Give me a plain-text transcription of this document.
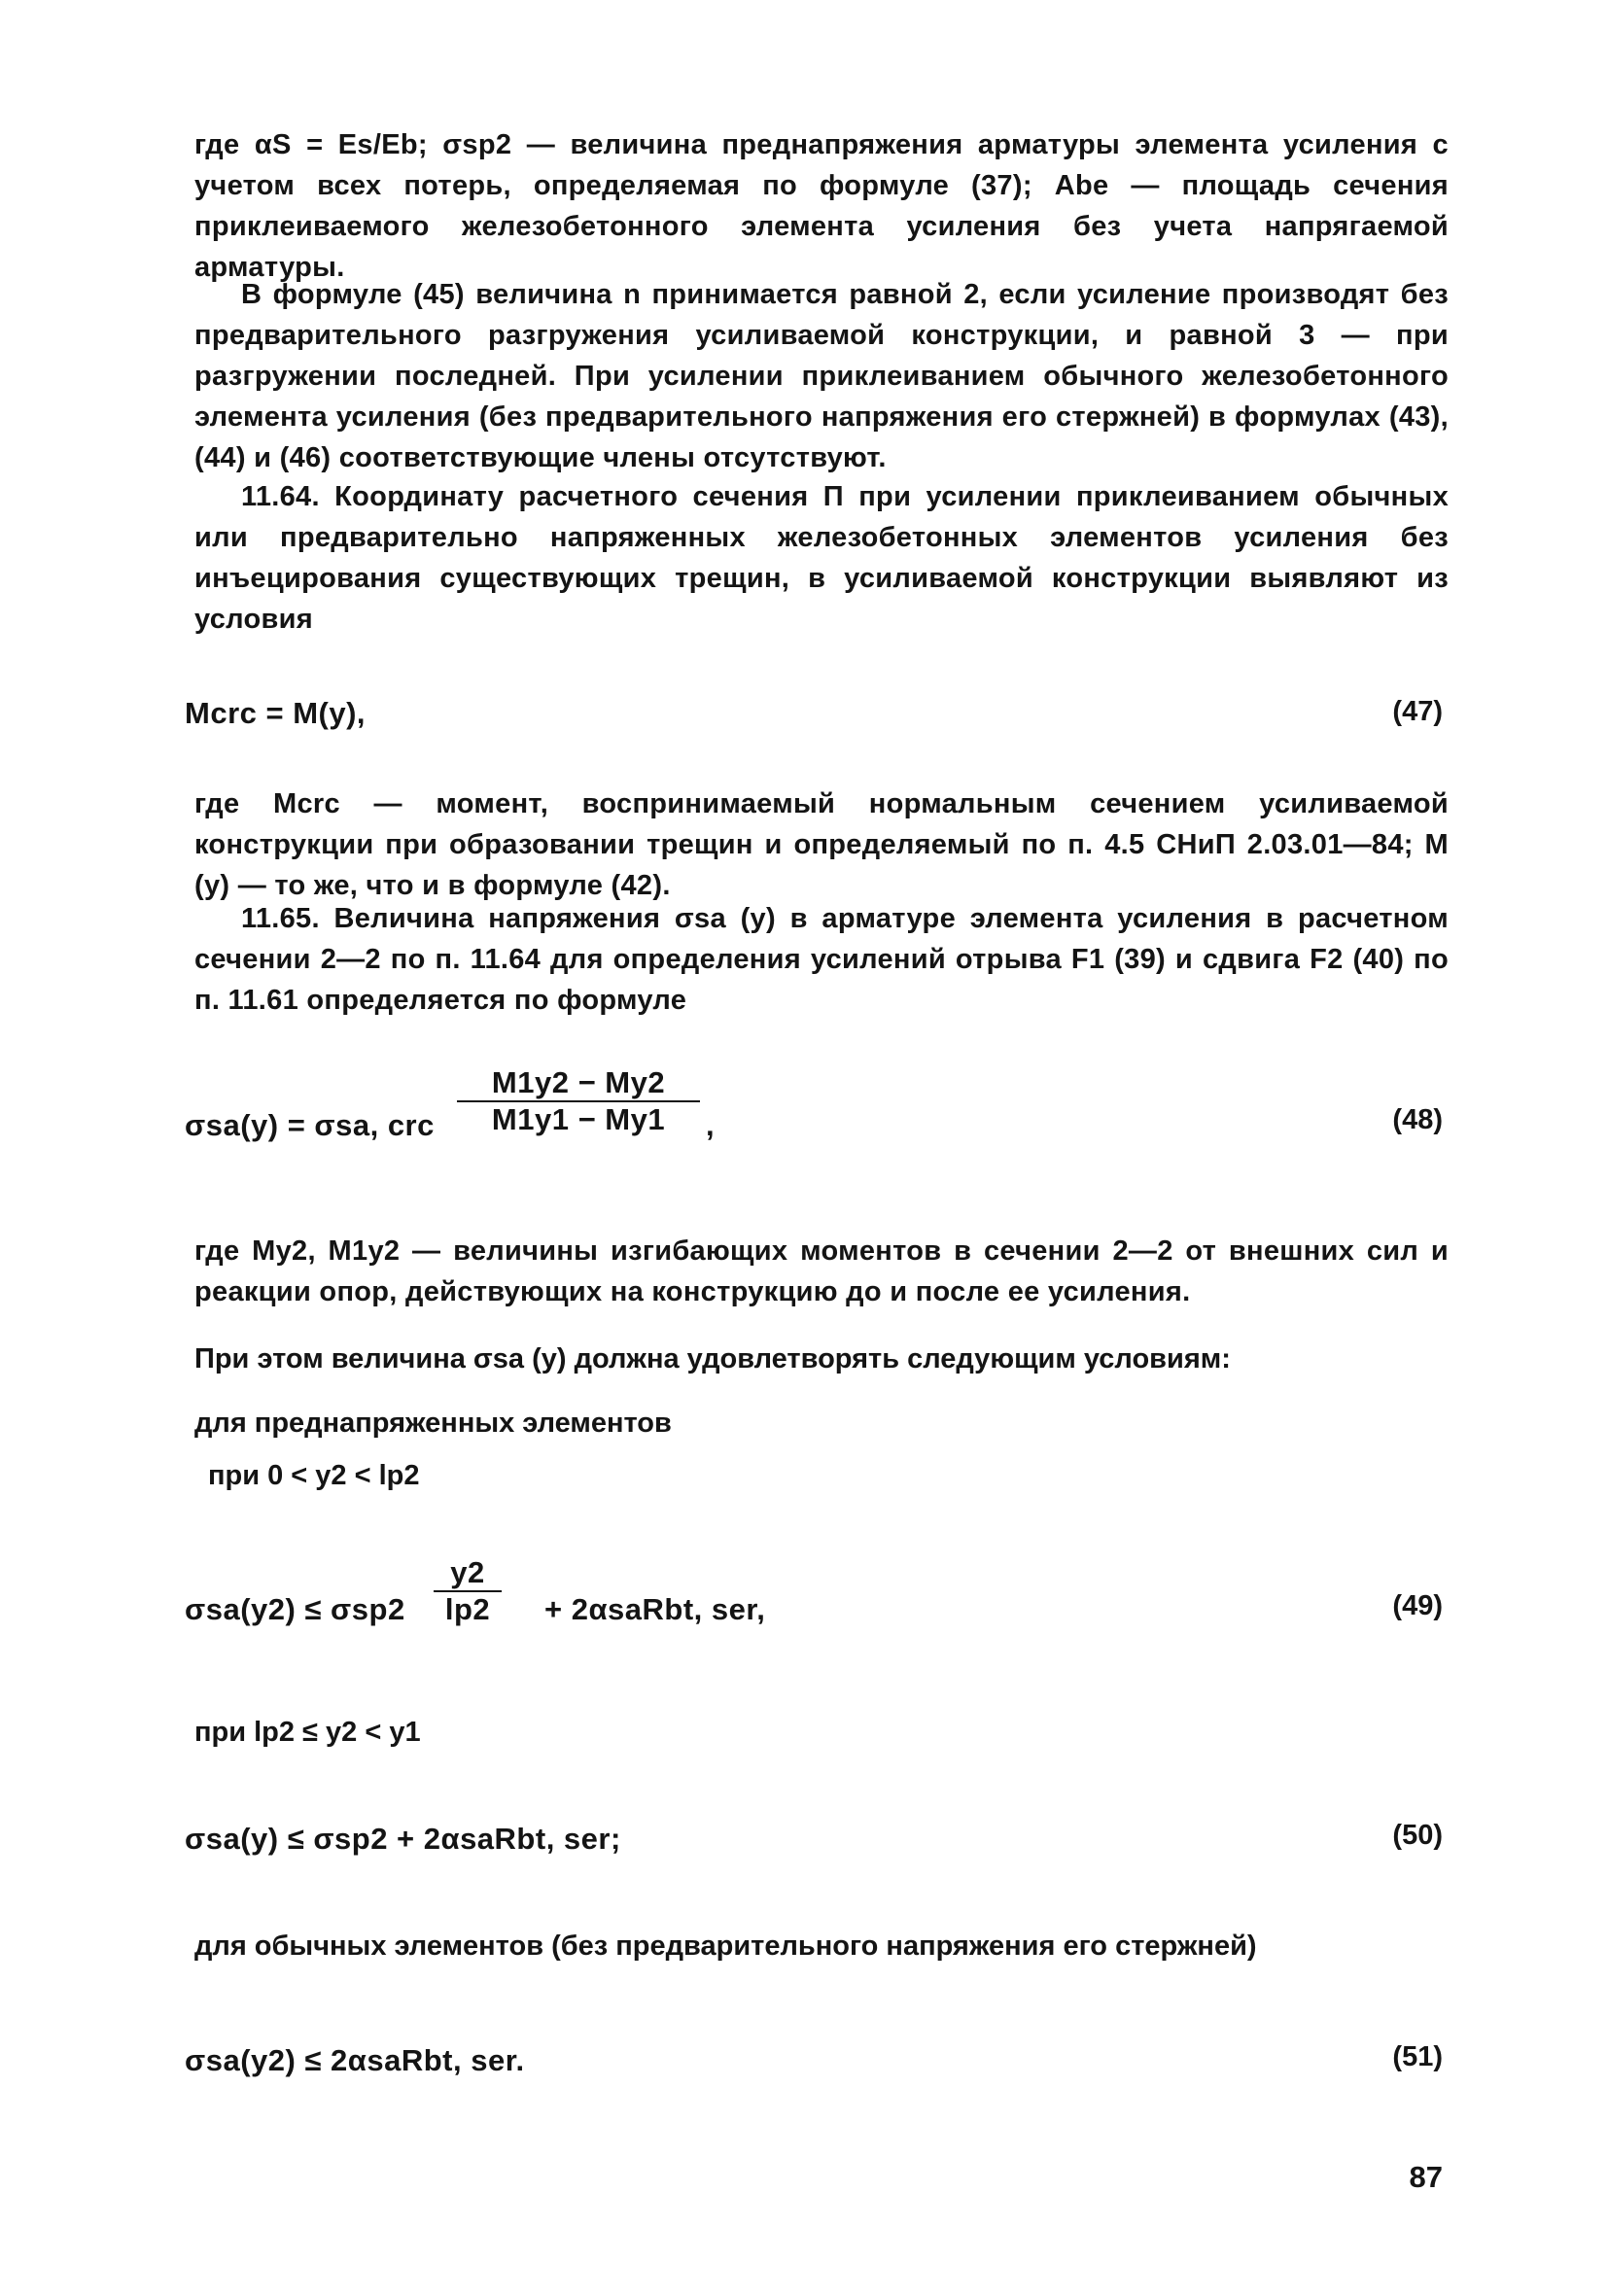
где αS = Es/Eb; σsp2 — величина преднапряжения арматуры элемента усиления с учетом всех потерь, определяемая по формуле (37); Abe — площадь сечения приклеиваемого железобетонного элемента усиления без учета напрягаемой арматуры.

В формуле (45) величина n принимается равной 2, если усиление производят без предварительного разгружения усиливаемой конструкции, и равной 3 — при разгружении последней. При усилении приклеиванием обычного железобетонного элемента усиления (без предварительного напряжения его стержней) в формулах (43), (44) и (46) соответствующие члены отсутствуют.

11.64. Координату расчетного сечения П при усилении приклеиванием обычных или предварительно напряженных железобетонных элементов усиления без инъецирования существующих трещин, в усиливаемой конструкции выявляют из условия

Mcrc = M(y),	(47)

где Mcrc — момент, воспринимаемый нормальным сечением усиливаемой конструкции при образовании трещин и определяемый по п. 4.5 СНиП 2.03.01—84; M (y) — то же, что и в формуле (42).

11.65. Величина напряжения σsa (y) в арматуре элемента усиления в расчетном сечении 2—2 по п. 11.64 для определения усилений отрыва F1 (39) и сдвига F2 (40) по п. 11.61 определяется по формуле

σsa(y) = σsa, crc $\frac{M1y2 - My2}{M1y1 - My1}$ ,	(48)

где My2, M1y2 — величины изгибающих моментов в сечении 2—2 от внешних сил и реакции опор, действующих на конструкцию до и после ее усиления.

При этом величина σsa (y) должна удовлетворять следующим условиям:
для преднапряженных элементов
при 0 < y2 < lp2
$\sigma sa(y2) \le \sigma sp2 \frac{y2}{lp2}$ + 2αsaRbt, ser,	(49)
при lp2 ≤ y2 < y1
σsa(y) ≤ σsp2 + 2αsaRbt, ser;	(50)
для обычных элементов (без предварительного напряжения его стержней)
σsa(y2) ≤ 2αsaRbt, ser.	(51)
87
